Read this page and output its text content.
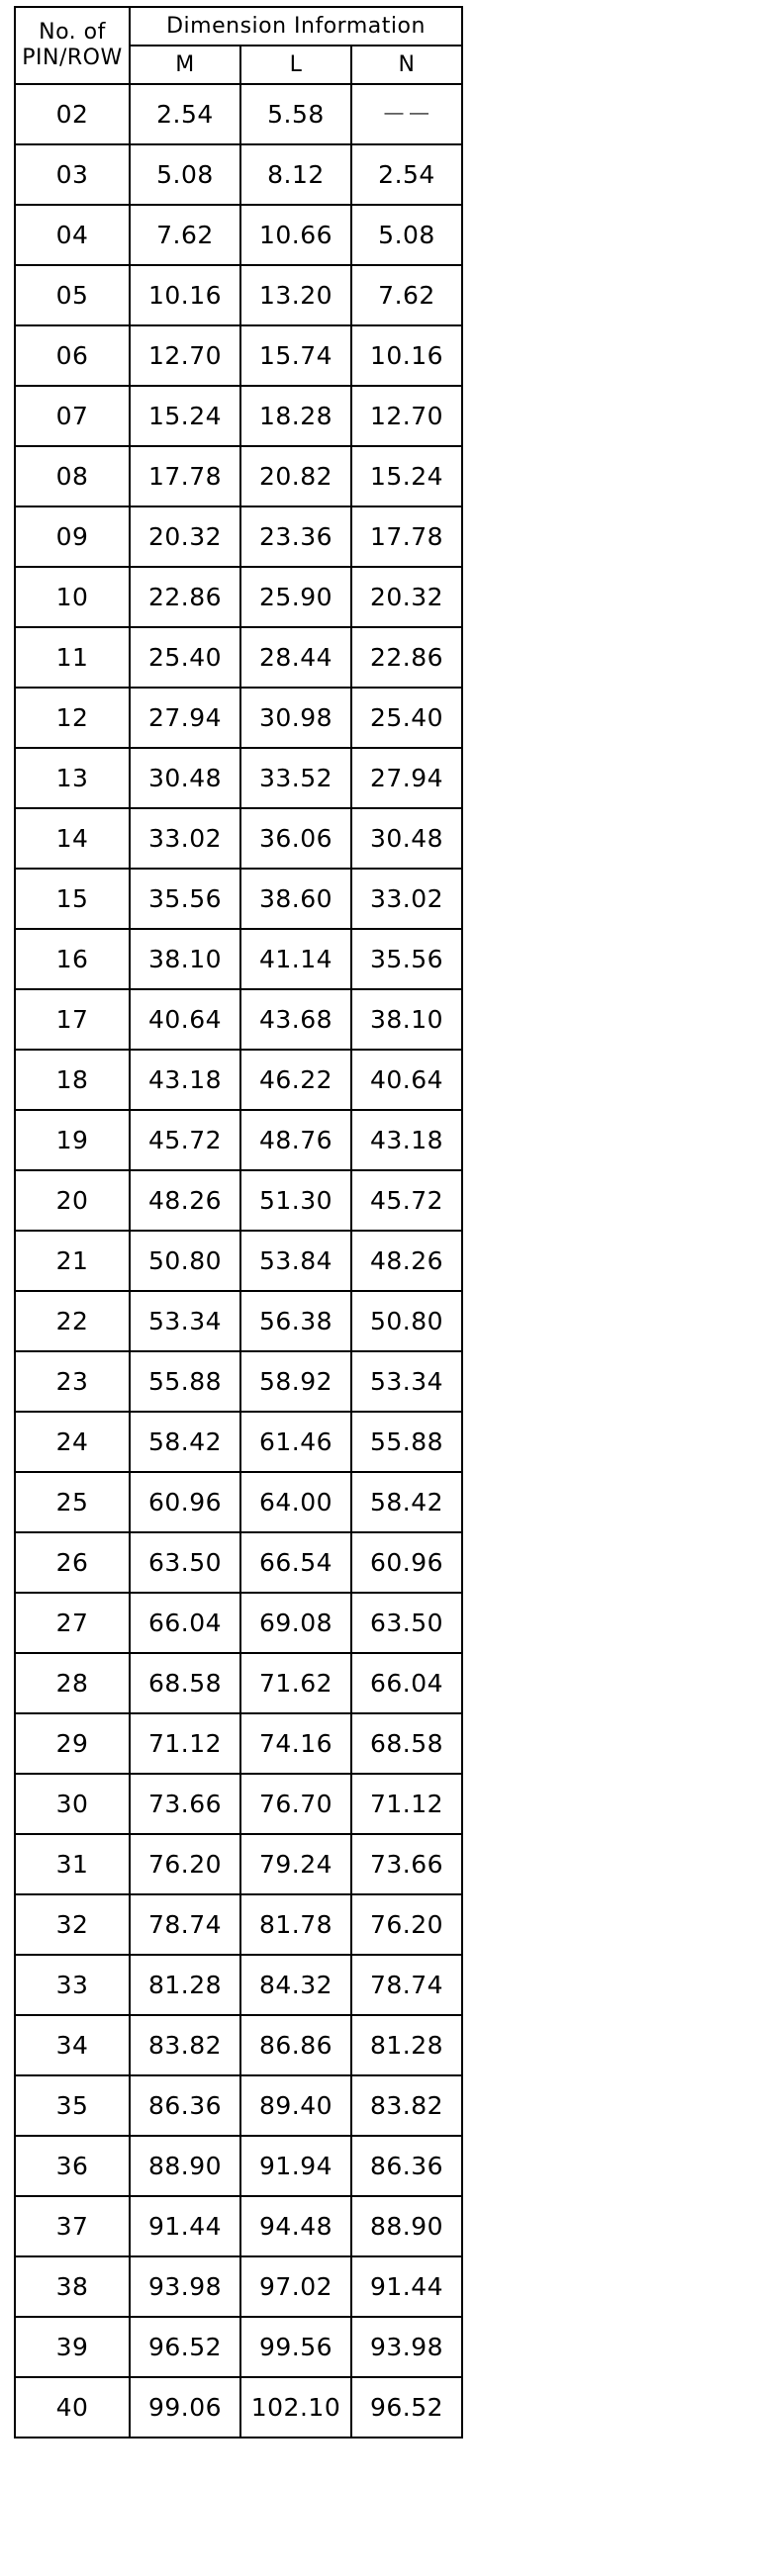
No. of
PIN/ROW	Dimension Information		
	M	L	N
02	2.54	5.58	－－
03	5.08	8.12	2.54
04	7.62	10.66	5.08
05	10.16	13.20	7.62
06	12.70	15.74	10.16
07	15.24	18.28	12.70
08	17.78	20.82	15.24
09	20.32	23.36	17.78
10	22.86	25.90	20.32
11	25.40	28.44	22.86
12	27.94	30.98	25.40
13	30.48	33.52	27.94
14	33.02	36.06	30.48
15	35.56	38.60	33.02
16	38.10	41.14	35.56
17	40.64	43.68	38.10
18	43.18	46.22	40.64
19	45.72	48.76	43.18
20	48.26	51.30	45.72
21	50.80	53.84	48.26
22	53.34	56.38	50.80
23	55.88	58.92	53.34
24	58.42	61.46	55.88
25	60.96	64.00	58.42
26	63.50	66.54	60.96
27	66.04	69.08	63.50
28	68.58	71.62	66.04
29	71.12	74.16	68.58
30	73.66	76.70	71.12
31	76.20	79.24	73.66
32	78.74	81.78	76.20
33	81.28	84.32	78.74
34	83.82	86.86	81.28
35	86.36	89.40	83.82
36	88.90	91.94	86.36
37	91.44	94.48	88.90
38	93.98	97.02	91.44
39	96.52	99.56	93.98
40	99.06	102.10	96.52
